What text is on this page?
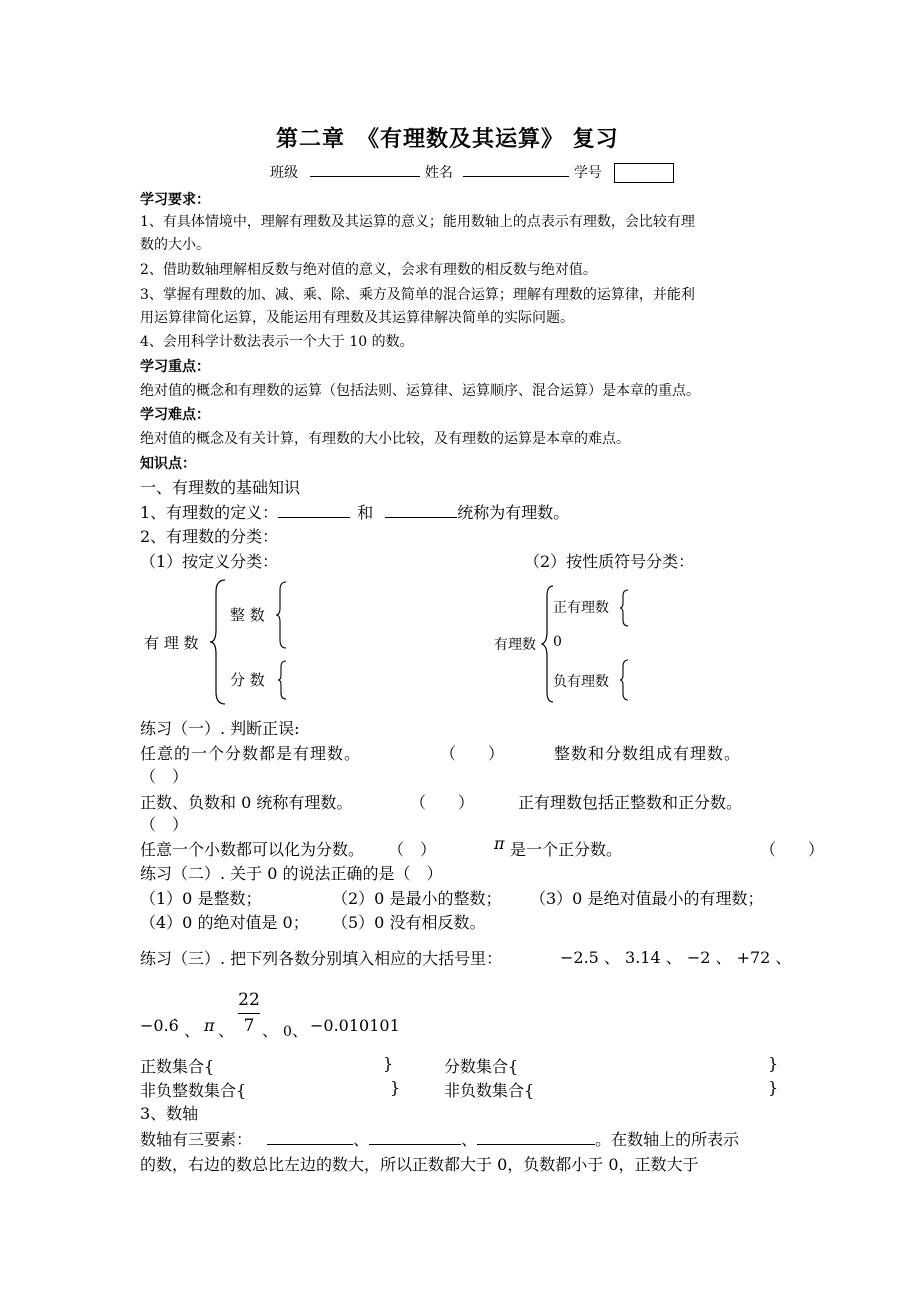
第二章　《有理数及其运算》 复习
班级	姓名	学号
学习要求：
1、有具体情境中，理解有理数及其运算的意义；能用数轴上的点表示有理数，会比较有理
数的大小。
2、借助数轴理解相反数与绝对值的意义，会求有理数的相反数与绝对值。
3、掌握有理数的加、减、乘、除、乘方及简单的混合运算；理解有理数的运算律，并能利
用运算律简化运算，及能运用有理数及其运算律解决简单的实际问题。
4、会用科学计数法表示一个大于 10 的数。
学习重点：
绝对值的概念和有理数的运算（包括法则、运算律、运算顺序、混合运算）是本章的重点。
学习难点：
绝对值的概念及有关计算，有理数的大小比较，及有理数的运算是本章的难点。
知识点：
一、有理数的基础知识
1、有理数的定义：	和	统称为有理数。
2、有理数的分类：
（1）按定义分类：	（2）按性质符号分类：
有 理 数
整 数
分 数
有理数
正有理数
0
负有理数
练习（一）. 判断正误:
任意的一个分数都是有理数。	（　　）	整数和分数组成有理数。
（　）
正数、负数和 0 统称有理数。	（　　）	正有理数包括正整数和正分数。
（　）
任意一个小数都可以化为分数。 （　）	π 是一个正分数。	（　　）
练习（二）. 关于 0 的说法正确的是（　）
（1）0 是整数；	（2）0 是最小的整数； （3）0 是绝对值最小的有理数；
（4）0 的绝对值是 0； （5）0 没有相反数。
练习（三）. 把下列各数分别填入相应的大括号里：	−2.5 、 3.14 、 −2 、 +72 、
−0.6̇ 、 π 、
22
7 、 0 、 −0.010101
正数集合{	}	分数集合{	}
非负整数集合{	}	非负数集合{	}
3、数轴
数轴有三要素：	、	、	。在数轴上的所表示
的数，右边的数总比左边的数大，所以正数都大于 0，负数都小于 0，正数大于
